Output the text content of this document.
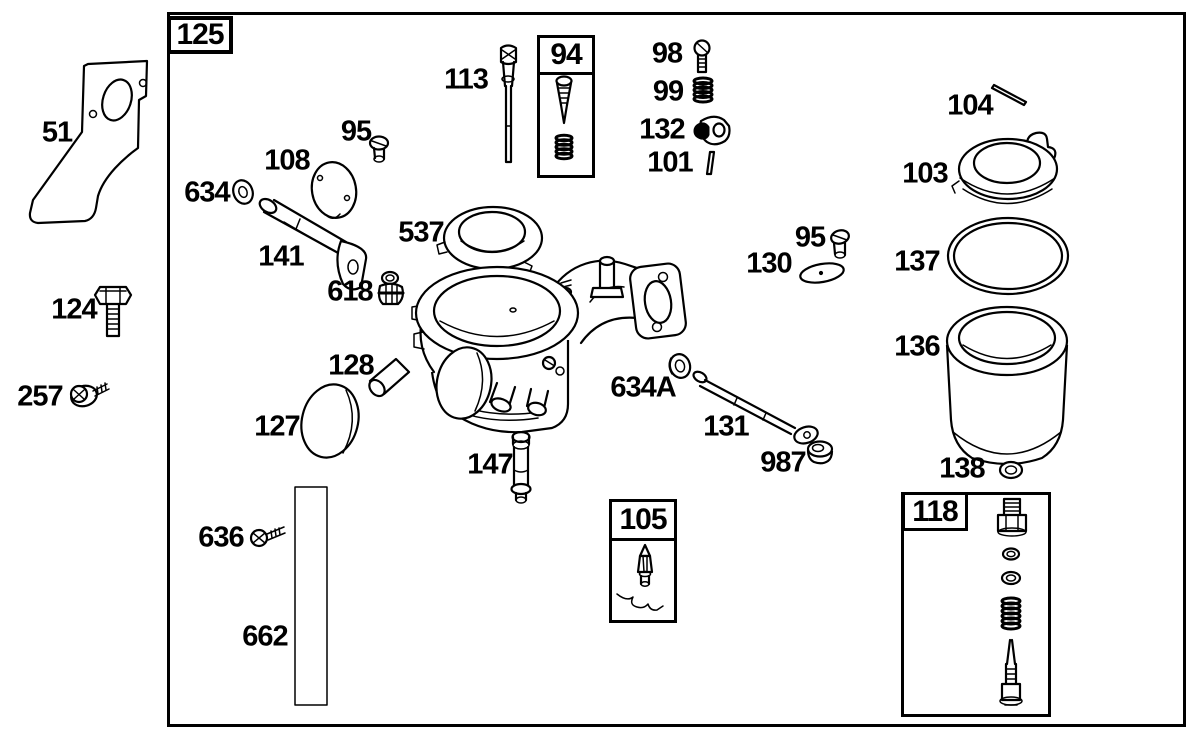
125
94
105	118
51
124
257
634
108
95
113
98
99
132
101
104
103
537	95
130	137
141
618
136
128
634A
127	131
987
147	138
636
662
